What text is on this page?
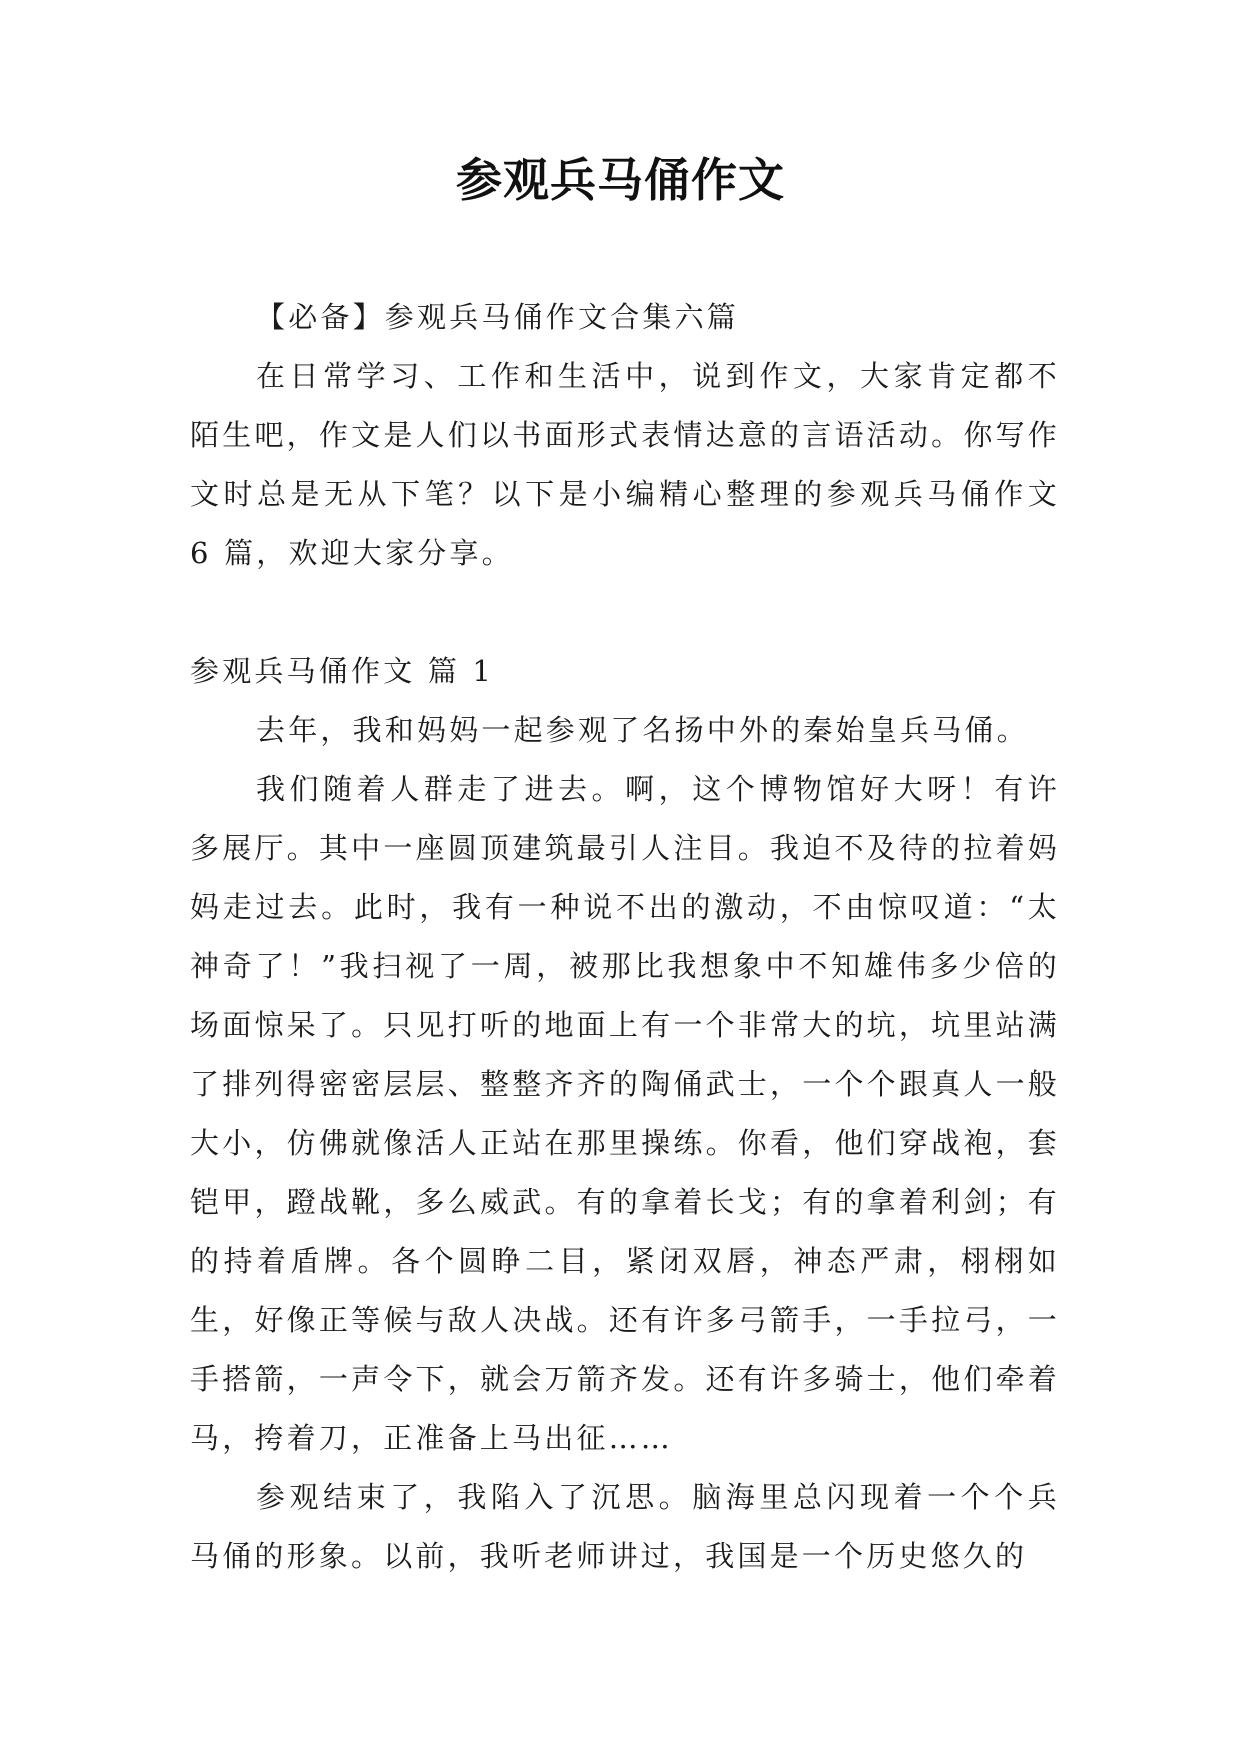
参观兵马俑作文

【必备】参观兵马俑作文合集六篇

在日常学习、工作和生活中，说到作文，大家肯定都不陌生吧，作文是人们以书面形式表情达意的言语活动。你写作文时总是无从下笔？以下是小编精心整理的参观兵马俑作文 6 篇，欢迎大家分享。

参观兵马俑作文 篇 1

去年，我和妈妈一起参观了名扬中外的秦始皇兵马俑。

我们随着人群走了进去。啊，这个博物馆好大呀！有许多展厅。其中一座圆顶建筑最引人注目。我迫不及待的拉着妈妈走过去。此时，我有一种说不出的激动，不由惊叹道：“太神奇了！”我扫视了一周，被那比我想象中不知雄伟多少倍的场面惊呆了。只见打听的地面上有一个非常大的坑，坑里站满了排列得密密层层、整整齐齐的陶俑武士，一个个跟真人一般大小，仿佛就像活人正站在那里操练。你看，他们穿战袍，套铠甲，蹬战靴，多么威武。有的拿着长戈；有的拿着利剑；有的持着盾牌。各个圆睁二目，紧闭双唇，神态严肃，栩栩如生，好像正等候与敌人决战。还有许多弓箭手，一手拉弓，一手搭箭，一声令下，就会万箭齐发。还有许多骑士，他们牵着马，挎着刀，正准备上马出征……

参观结束了，我陷入了沉思。脑海里总闪现着一个个兵马俑的形象。以前，我听老师讲过，我国是一个历史悠久的
